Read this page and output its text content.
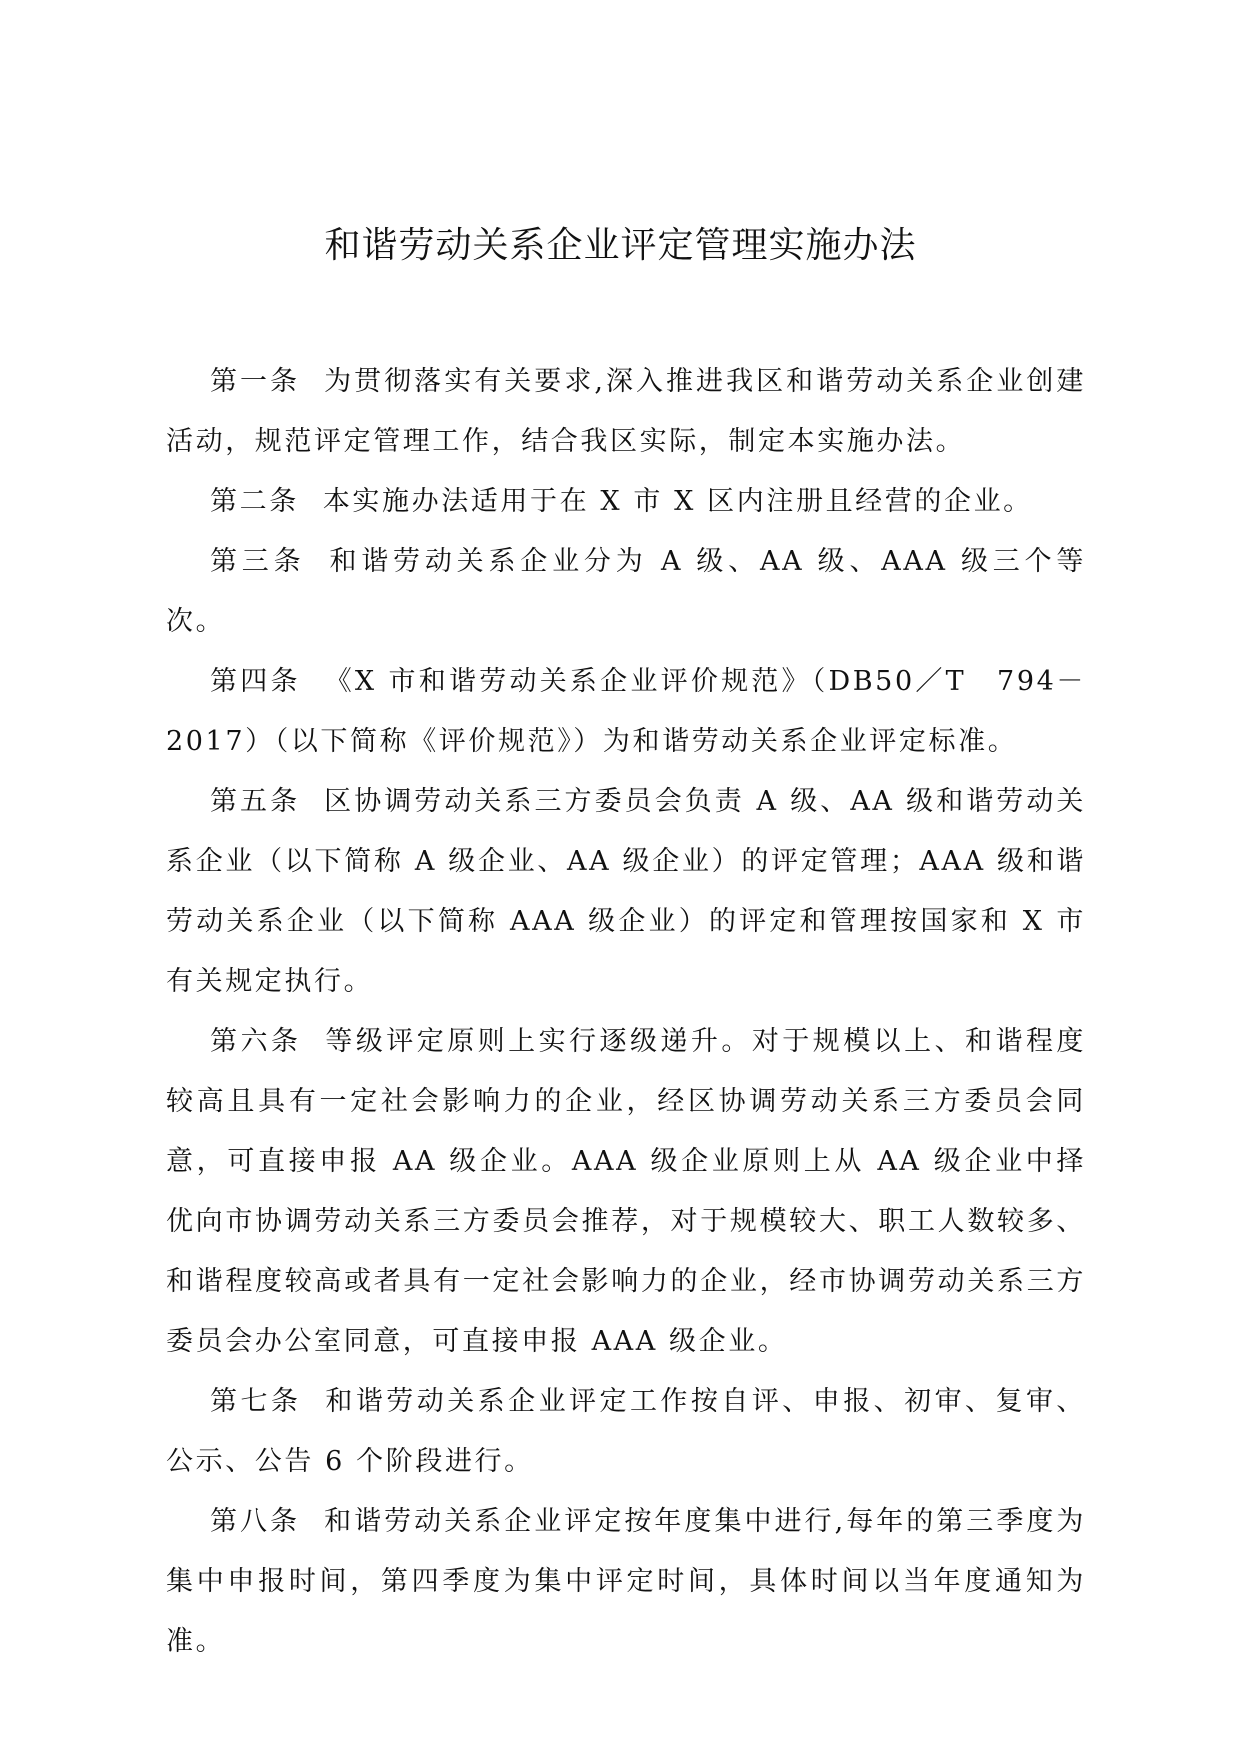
和谐劳动关系企业评定管理实施办法

第一条 为贯彻落实有关要求,深入推进我区和谐劳动关系企业创建活动，规范评定管理工作，结合我区实际，制定本实施办法。

第二条 本实施办法适用于在 X 市 X 区内注册且经营的企业。

第三条 和谐劳动关系企业分为 A 级、AA 级、AAA 级三个等次。

第四条 《X 市和谐劳动关系企业评价规范》（DB50／T　794－2017）（以下简称《评价规范》）为和谐劳动关系企业评定标准。

第五条 区协调劳动关系三方委员会负责 A 级、AA 级和谐劳动关系企业（以下简称 A 级企业、AA 级企业）的评定管理；AAA 级和谐劳动关系企业（以下简称 AAA 级企业）的评定和管理按国家和 X 市有关规定执行。

第六条 等级评定原则上实行逐级递升。对于规模以上、和谐程度较高且具有一定社会影响力的企业，经区协调劳动关系三方委员会同意，可直接申报 AA 级企业。AAA 级企业原则上从 AA 级企业中择优向市协调劳动关系三方委员会推荐，对于规模较大、职工人数较多、和谐程度较高或者具有一定社会影响力的企业，经市协调劳动关系三方委员会办公室同意，可直接申报 AAA 级企业。

第七条 和谐劳动关系企业评定工作按自评、申报、初审、复审、公示、公告 6 个阶段进行。

第八条 和谐劳动关系企业评定按年度集中进行,每年的第三季度为集中申报时间，第四季度为集中评定时间，具体时间以当年度通知为准。
